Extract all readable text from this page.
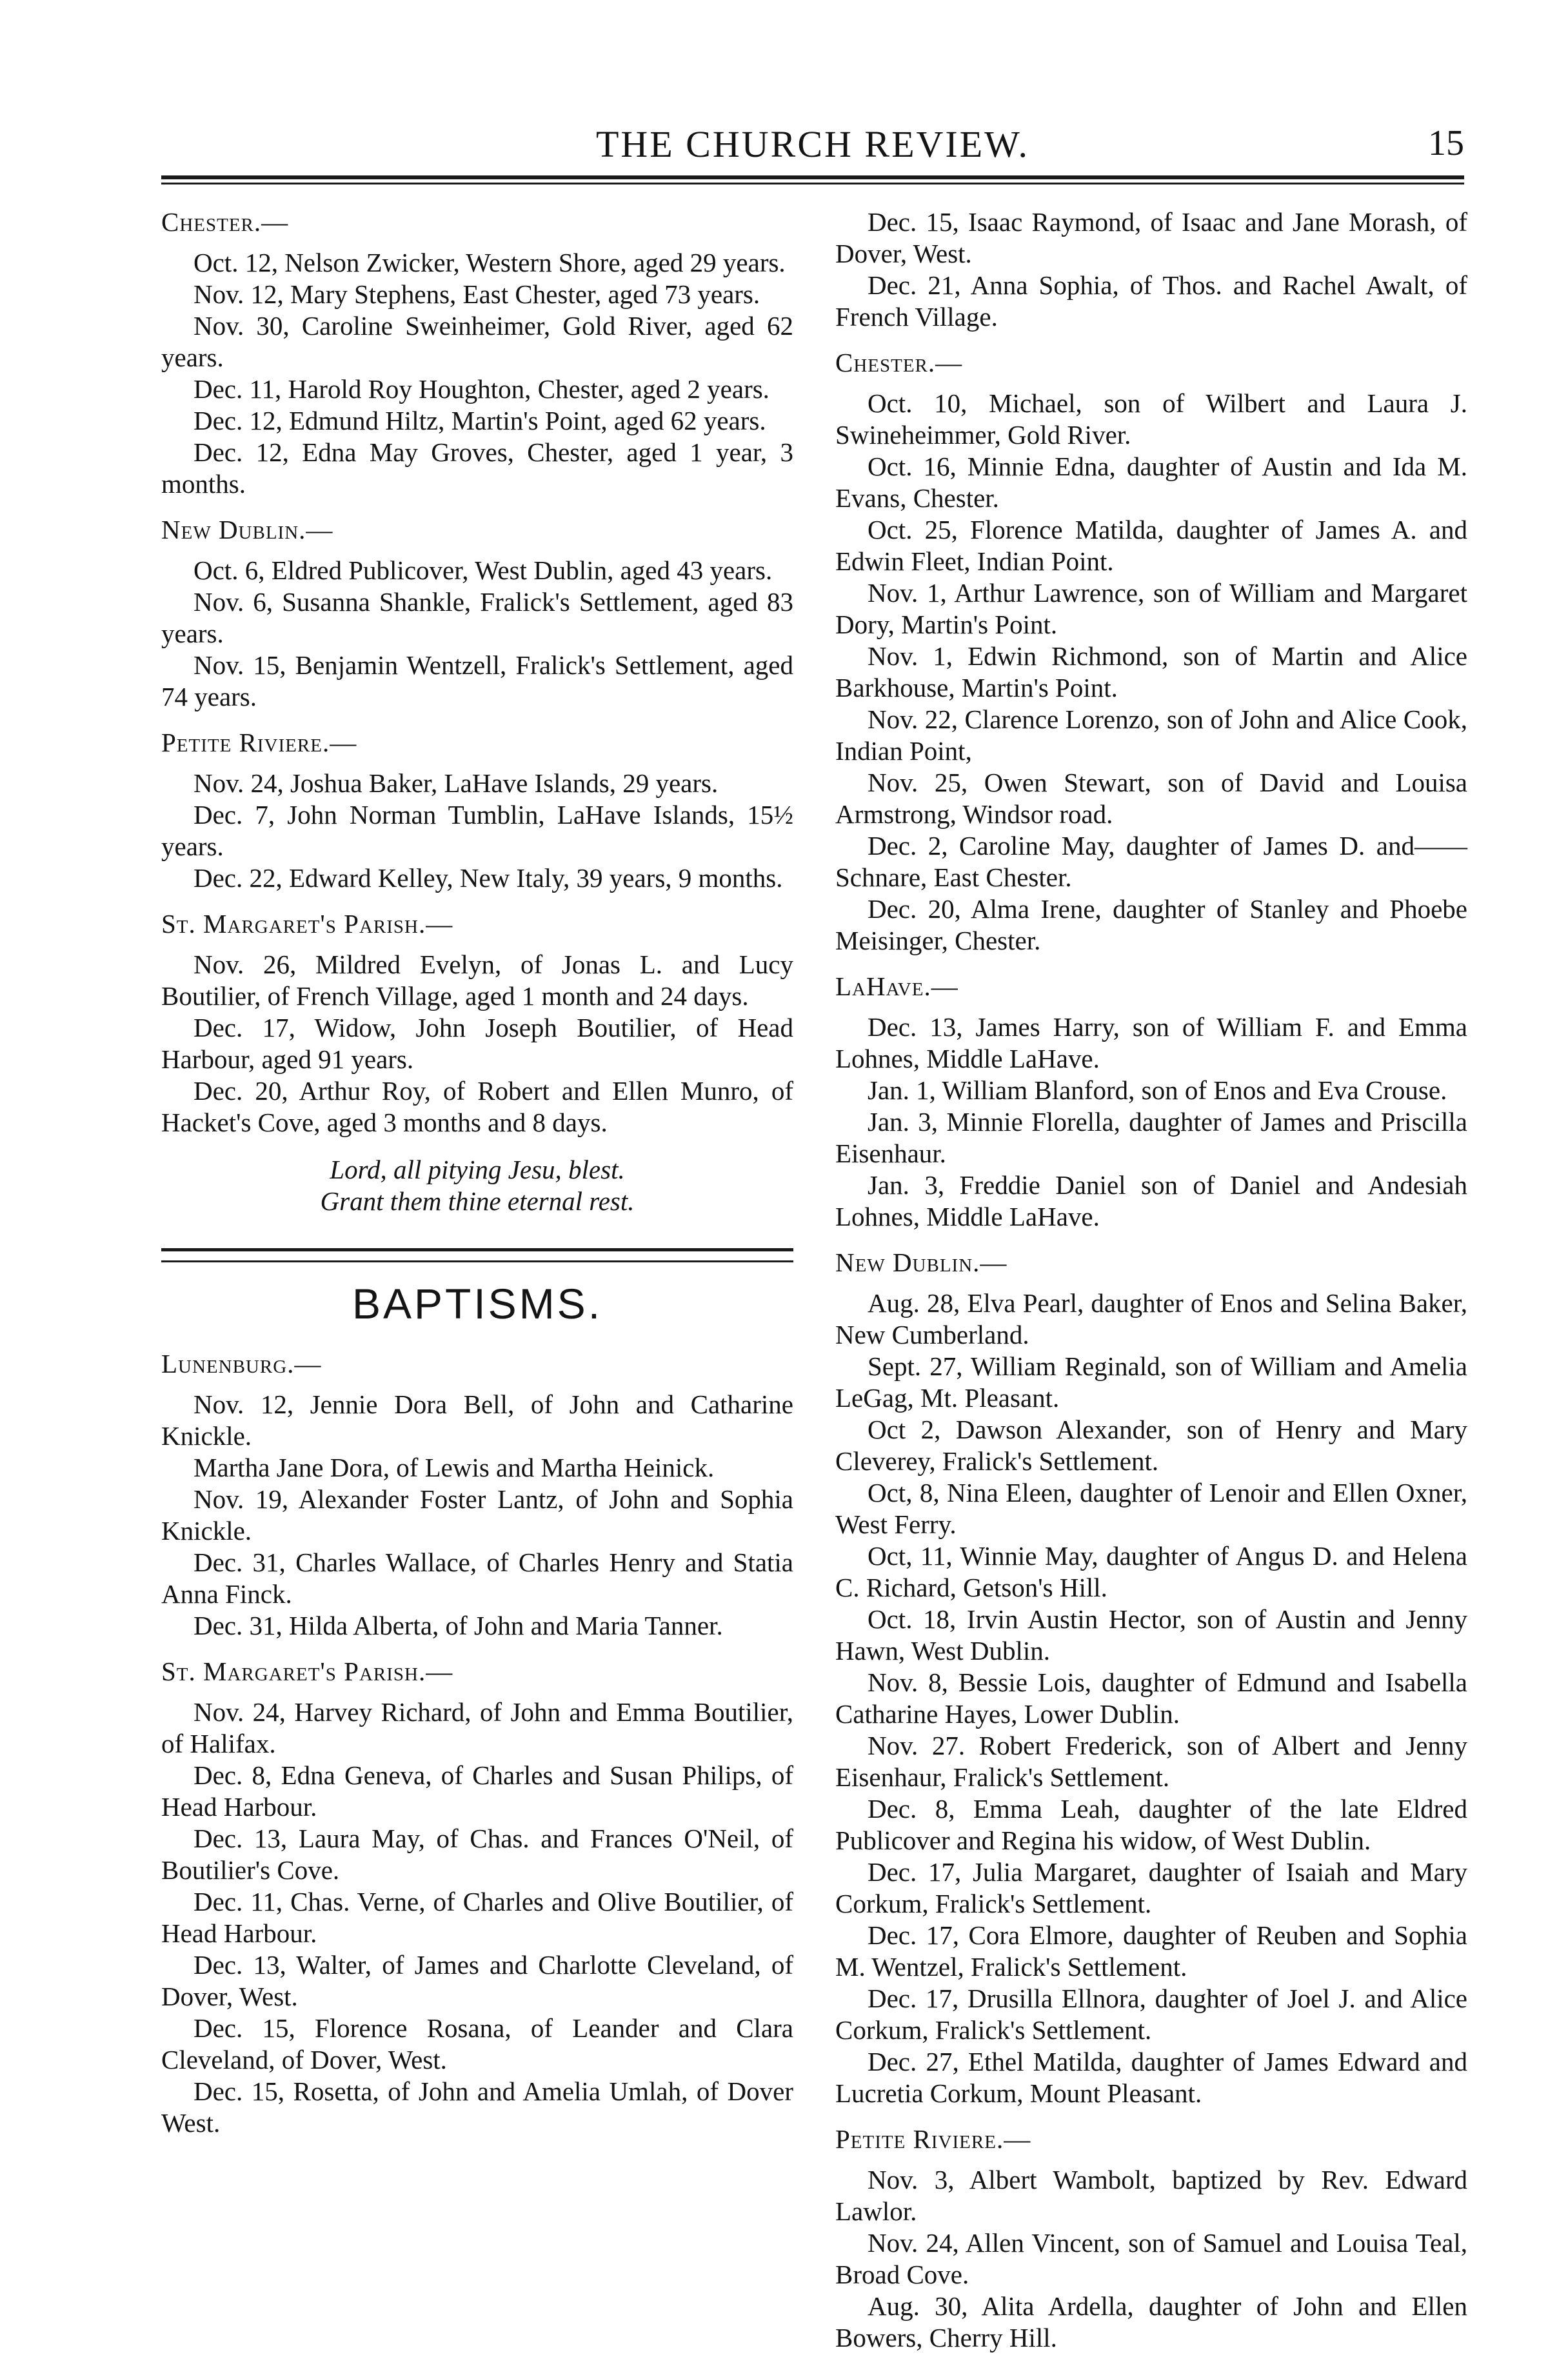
THE CHURCH REVIEW.	15
Chester.—

Oct. 12, Nelson Zwicker, Western Shore, aged 29 years.

Nov. 12, Mary Stephens, East Chester, aged 73 years.

Nov. 30, Caroline Sweinheimer, Gold River, aged 62 years.

Dec. 11, Harold Roy Houghton, Chester, aged 2 years.

Dec. 12, Edmund Hiltz, Martin's Point, aged 62 years.

Dec. 12, Edna May Groves, Chester, aged 1 year, 3 months.

New Dublin.—

Oct. 6, Eldred Publicover, West Dublin, aged 43 years.

Nov. 6, Susanna Shankle, Fralick's Settlement, aged 83 years.

Nov. 15, Benjamin Wentzell, Fralick's Settlement, aged 74 years.

Petite Riviere.—

Nov. 24, Joshua Baker, LaHave Islands, 29 years.

Dec. 7, John Norman Tumblin, LaHave Islands, 15½ years.

Dec. 22, Edward Kelley, New Italy, 39 years, 9 months.

St. Margaret's Parish.—

Nov. 26, Mildred Evelyn, of Jonas L. and Lucy Boutilier, of French Village, aged 1 month and 24 days.

Dec. 17, Widow, John Joseph Boutilier, of Head Harbour, aged 91 years.

Dec. 20, Arthur Roy, of Robert and Ellen Munro, of Hacket's Cove, aged 3 months and 8 days.

Lord, all pitying Jesu, blest.

Grant them thine eternal rest.

BAPTISMS.
Lunenburg.—

Nov. 12, Jennie Dora Bell, of John and Catharine Knickle.

Martha Jane Dora, of Lewis and Martha Heinick.

Nov. 19, Alexander Foster Lantz, of John and Sophia Knickle.

Dec. 31, Charles Wallace, of Charles Henry and Statia Anna Finck.

Dec. 31, Hilda Alberta, of John and Maria Tanner.

St. Margaret's Parish.—

Nov. 24, Harvey Richard, of John and Emma Boutilier, of Halifax.

Dec. 8, Edna Geneva, of Charles and Susan Philips, of Head Harbour.

Dec. 13, Laura May, of Chas. and Frances O'Neil, of Boutilier's Cove.

Dec. 11, Chas. Verne, of Charles and Olive Boutilier, of Head Harbour.

Dec. 13, Walter, of James and Charlotte Cleveland, of Dover, West.

Dec. 15, Florence Rosana, of Leander and Clara Cleveland, of Dover, West.

Dec. 15, Rosetta, of John and Amelia Umlah, of Dover West.

Dec. 15, Isaac Raymond, of Isaac and Jane Morash, of Dover, West.

Dec. 21, Anna Sophia, of Thos. and Rachel Awalt, of French Village.

Chester.—

Oct. 10, Michael, son of Wilbert and Laura J. Swineheimmer, Gold River.

Oct. 16, Minnie Edna, daughter of Austin and Ida M. Evans, Chester.

Oct. 25, Florence Matilda, daughter of James A. and Edwin Fleet, Indian Point.

Nov. 1, Arthur Lawrence, son of William and Margaret Dory, Martin's Point.

Nov. 1, Edwin Richmond, son of Martin and Alice Barkhouse, Martin's Point.

Nov. 22, Clarence Lorenzo, son of John and Alice Cook, Indian Point,

Nov. 25, Owen Stewart, son of David and Louisa Armstrong, Windsor road.

Dec. 2, Caroline May, daughter of James D. and——Schnare, East Chester.

Dec. 20, Alma Irene, daughter of Stanley and Phoebe Meisinger, Chester.

LaHave.—

Dec. 13, James Harry, son of William F. and Emma Lohnes, Middle LaHave.

Jan. 1, William Blanford, son of Enos and Eva Crouse.

Jan. 3, Minnie Florella, daughter of James and Priscilla Eisenhaur.

Jan. 3, Freddie Daniel son of Daniel and Andesiah Lohnes, Middle LaHave.

New Dublin.—

Aug. 28, Elva Pearl, daughter of Enos and Selina Baker, New Cumberland.

Sept. 27, William Reginald, son of William and Amelia LeGag, Mt. Pleasant.

Oct 2, Dawson Alexander, son of Henry and Mary Cleverey, Fralick's Settlement.

Oct, 8, Nina Eleen, daughter of Lenoir and Ellen Oxner, West Ferry.

Oct, 11, Winnie May, daughter of Angus D. and Helena C. Richard, Getson's Hill.

Oct. 18, Irvin Austin Hector, son of Austin and Jenny Hawn, West Dublin.

Nov. 8, Bessie Lois, daughter of Edmund and Isabella Catharine Hayes, Lower Dublin.

Nov. 27. Robert Frederick, son of Albert and Jenny Eisenhaur, Fralick's Settlement.

Dec. 8, Emma Leah, daughter of the late Eldred Publicover and Regina his widow, of West Dublin.

Dec. 17, Julia Margaret, daughter of Isaiah and Mary Corkum, Fralick's Settlement.

Dec. 17, Cora Elmore, daughter of Reuben and Sophia M. Wentzel, Fralick's Settlement.

Dec. 17, Drusilla Ellnora, daughter of Joel J. and Alice Corkum, Fralick's Settlement.

Dec. 27, Ethel Matilda, daughter of James Edward and Lucretia Corkum, Mount Pleasant.

Petite Riviere.—

Nov. 3, Albert Wambolt, baptized by Rev. Edward Lawlor.

Nov. 24, Allen Vincent, son of Samuel and Louisa Teal, Broad Cove.

Aug. 30, Alita Ardella, daughter of John and Ellen Bowers, Cherry Hill.
